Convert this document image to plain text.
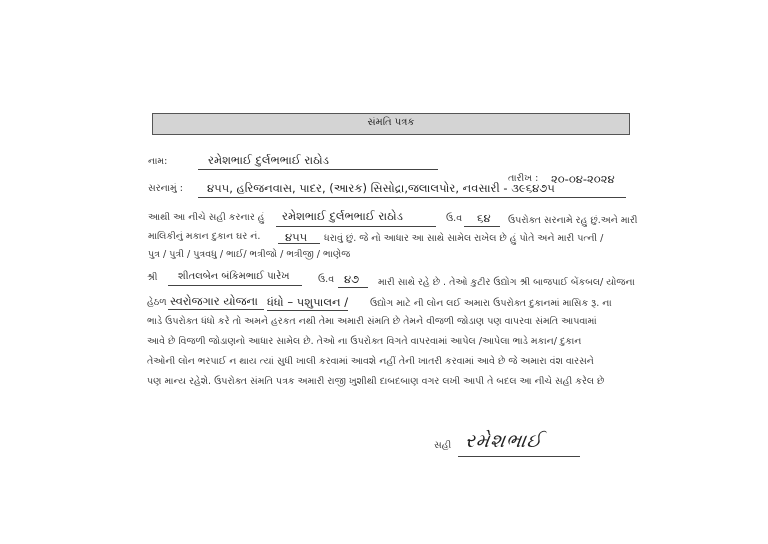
સંમતિ પત્રક
નામ:	રમેશભાઈ દુર્લભભાઈ રાઠોડ
તારીખ : ૨૦-૦૪-૨૦૨૪
સરનામું : ૪૫૫, હરિજનવાસ, પાદર, (આરક) સિસોદ્રા,જલાલપોર, નવસારી - ૩૯૬૪૭૫
આથી આ નીચે સહી કરનાર હું રમેશભાઈ દુર્લભભાઈ રાઠોડ	ઉ.વ ૬૪ ઉપરોક્ત સરનામે રહુ છું.અને મારી
માલિકીનું મકાન દુકાન ઘર નં. ૪૫૫ ધરાવું છું. જે નો આધાર આ સાથે સામેલ રાખેલ છે હું પોતે અને મારી પત્ની /
પુત્ર / પુત્રી / પુત્રવધુ / ભાઈ/ ભત્રીજો / ભત્રીજી / ભાણેજ
શ્રી શીતલબેન બંકિમભાઈ પારેખ	ઉ.વ ૪૭ મારી સાથે રહે છે . તેઓ કુટીર ઉદ્યોગ શ્રી બાજપાઈ બેંકબલ/ યોજના
હેઠળ સ્વરોજગાર યોજના ધંધો – પશુપાલન / ઉદ્યોગ માટે ની લોન લઈ અમારા ઉપરોક્ત દુકાનમાં માસિક રૂ. ના
ભાડે ઉપરોક્ત ધંધો કરે તો અમને હરકત નથી તેમા અમારી સંમતિ છે તેમને વીજળી જોડાણ પણ વાપરવા સંમતિ આપવામાં
આવે છે વિજળી જોડાણનો આધાર સામેલ છે. તેઓ ના ઉપરોક્ત વિગતે વાપરવામાં આપેલ /આપેલા ભાડે મકાન/ દુકાન
તેઓની લોન ભરપાઈ ન થાય ત્યાં સુધી ખાલી કરવામાં આવશે નહીં તેની ખાતરી કરવામાં આવે છે જે અમારા વંશ વારસને
પણ માન્ય રહેશે. ઉપરોક્ત સંમતિ પત્રક અમારી રાજી ખુશીથી દાબદબાણ વગર લખી આપી તે બદલ આ નીચે સહી કરેલ છે
સહી રમેશભાઈ
